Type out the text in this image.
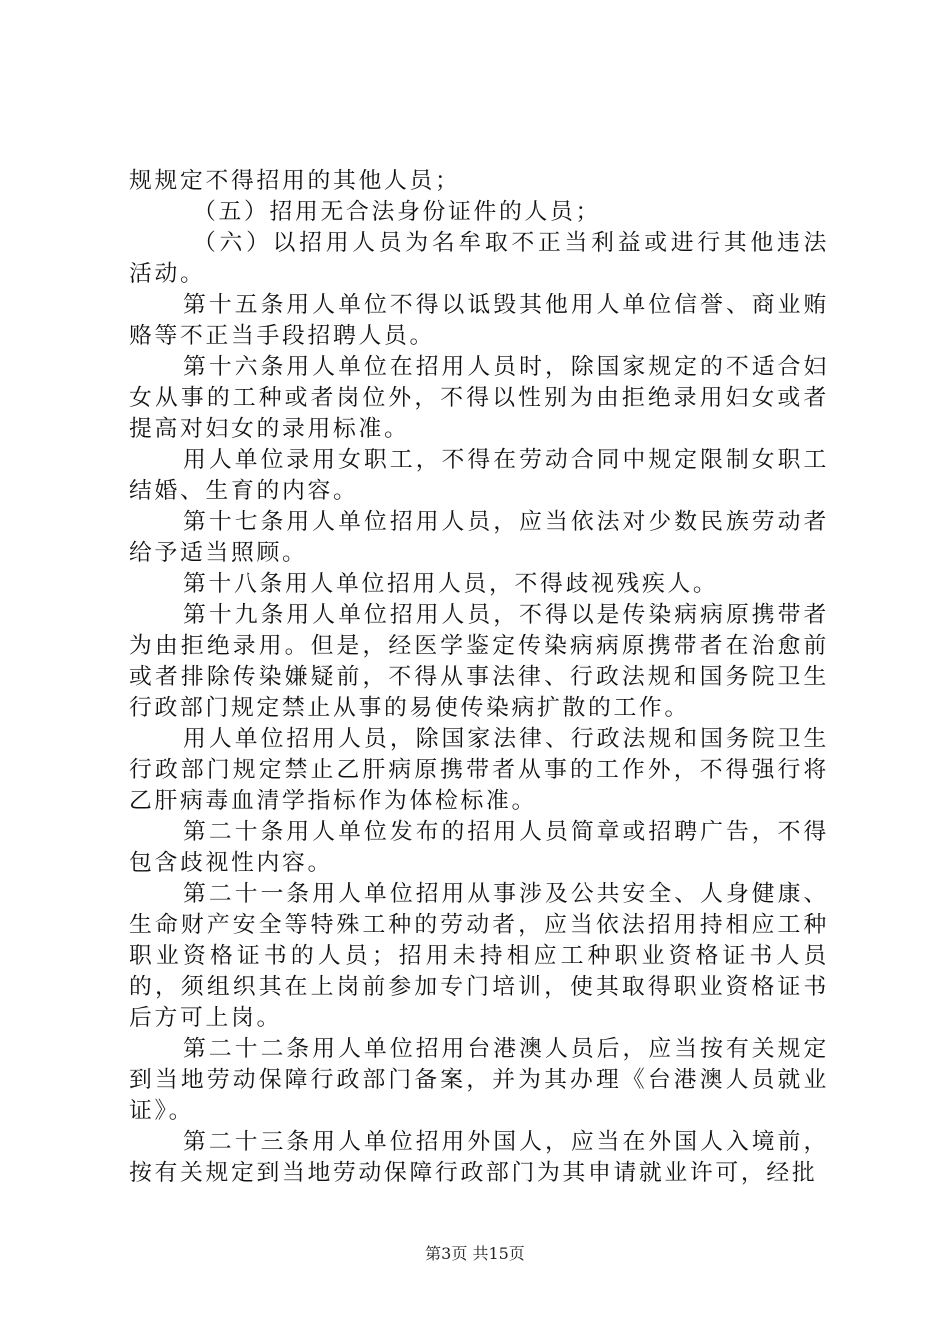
规规定不得招用的其他人员；

（五）招用无合法身份证件的人员；

（六）以招用人员为名牟取不正当利益或进行其他违法活动。

第十五条用人单位不得以诋毁其他用人单位信誉、商业贿赂等不正当手段招聘人员。

第十六条用人单位在招用人员时，除国家规定的不适合妇女从事的工种或者岗位外，不得以性别为由拒绝录用妇女或者提高对妇女的录用标准。

用人单位录用女职工，不得在劳动合同中规定限制女职工结婚、生育的内容。

第十七条用人单位招用人员，应当依法对少数民族劳动者给予适当照顾。

第十八条用人单位招用人员，不得歧视残疾人。

第十九条用人单位招用人员，不得以是传染病病原携带者为由拒绝录用。但是，经医学鉴定传染病病原携带者在治愈前或者排除传染嫌疑前，不得从事法律、行政法规和国务院卫生行政部门规定禁止从事的易使传染病扩散的工作。

用人单位招用人员，除国家法律、行政法规和国务院卫生行政部门规定禁止乙肝病原携带者从事的工作外，不得强行将乙肝病毒血清学指标作为体检标准。

第二十条用人单位发布的招用人员简章或招聘广告，不得包含歧视性内容。

第二十一条用人单位招用从事涉及公共安全、人身健康、生命财产安全等特殊工种的劳动者，应当依法招用持相应工种职业资格证书的人员；招用未持相应工种职业资格证书人员的，须组织其在上岗前参加专门培训，使其取得职业资格证书后方可上岗。

第二十二条用人单位招用台港澳人员后，应当按有关规定到当地劳动保障行政部门备案，并为其办理《台港澳人员就业证》。

第二十三条用人单位招用外国人，应当在外国人入境前，按有关规定到当地劳动保障行政部门为其申请就业许可，经批

第3页 共15页
